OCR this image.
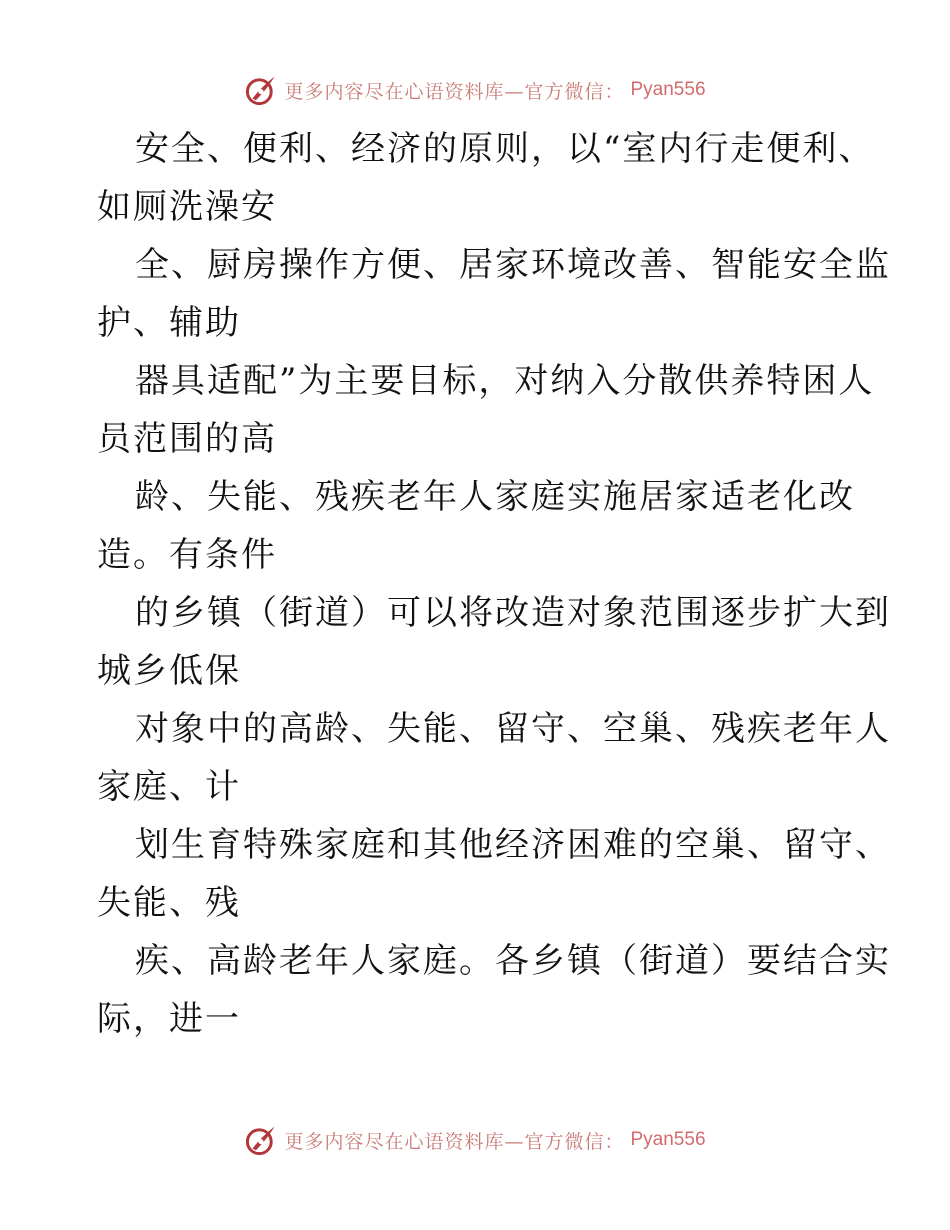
更多内容尽在心语资料库—官方微信： Pyan556

安全、便利、经济的原则，以“室内行走便利、
如厕洗澡安

全、厨房操作方便、居家环境改善、智能安全监
护、辅助

器具适配”为主要目标，对纳入分散供养特困人
员范围的高

龄、失能、残疾老年人家庭实施居家适老化改
造。有条件

的乡镇（街道）可以将改造对象范围逐步扩大到
城乡低保

对象中的高龄、失能、留守、空巢、残疾老年人
家庭、计

划生育特殊家庭和其他经济困难的空巢、留守、
失能、残

疾、高龄老年人家庭。各乡镇（街道）要结合实
际，进一

更多内容尽在心语资料库—官方微信： Pyan556
